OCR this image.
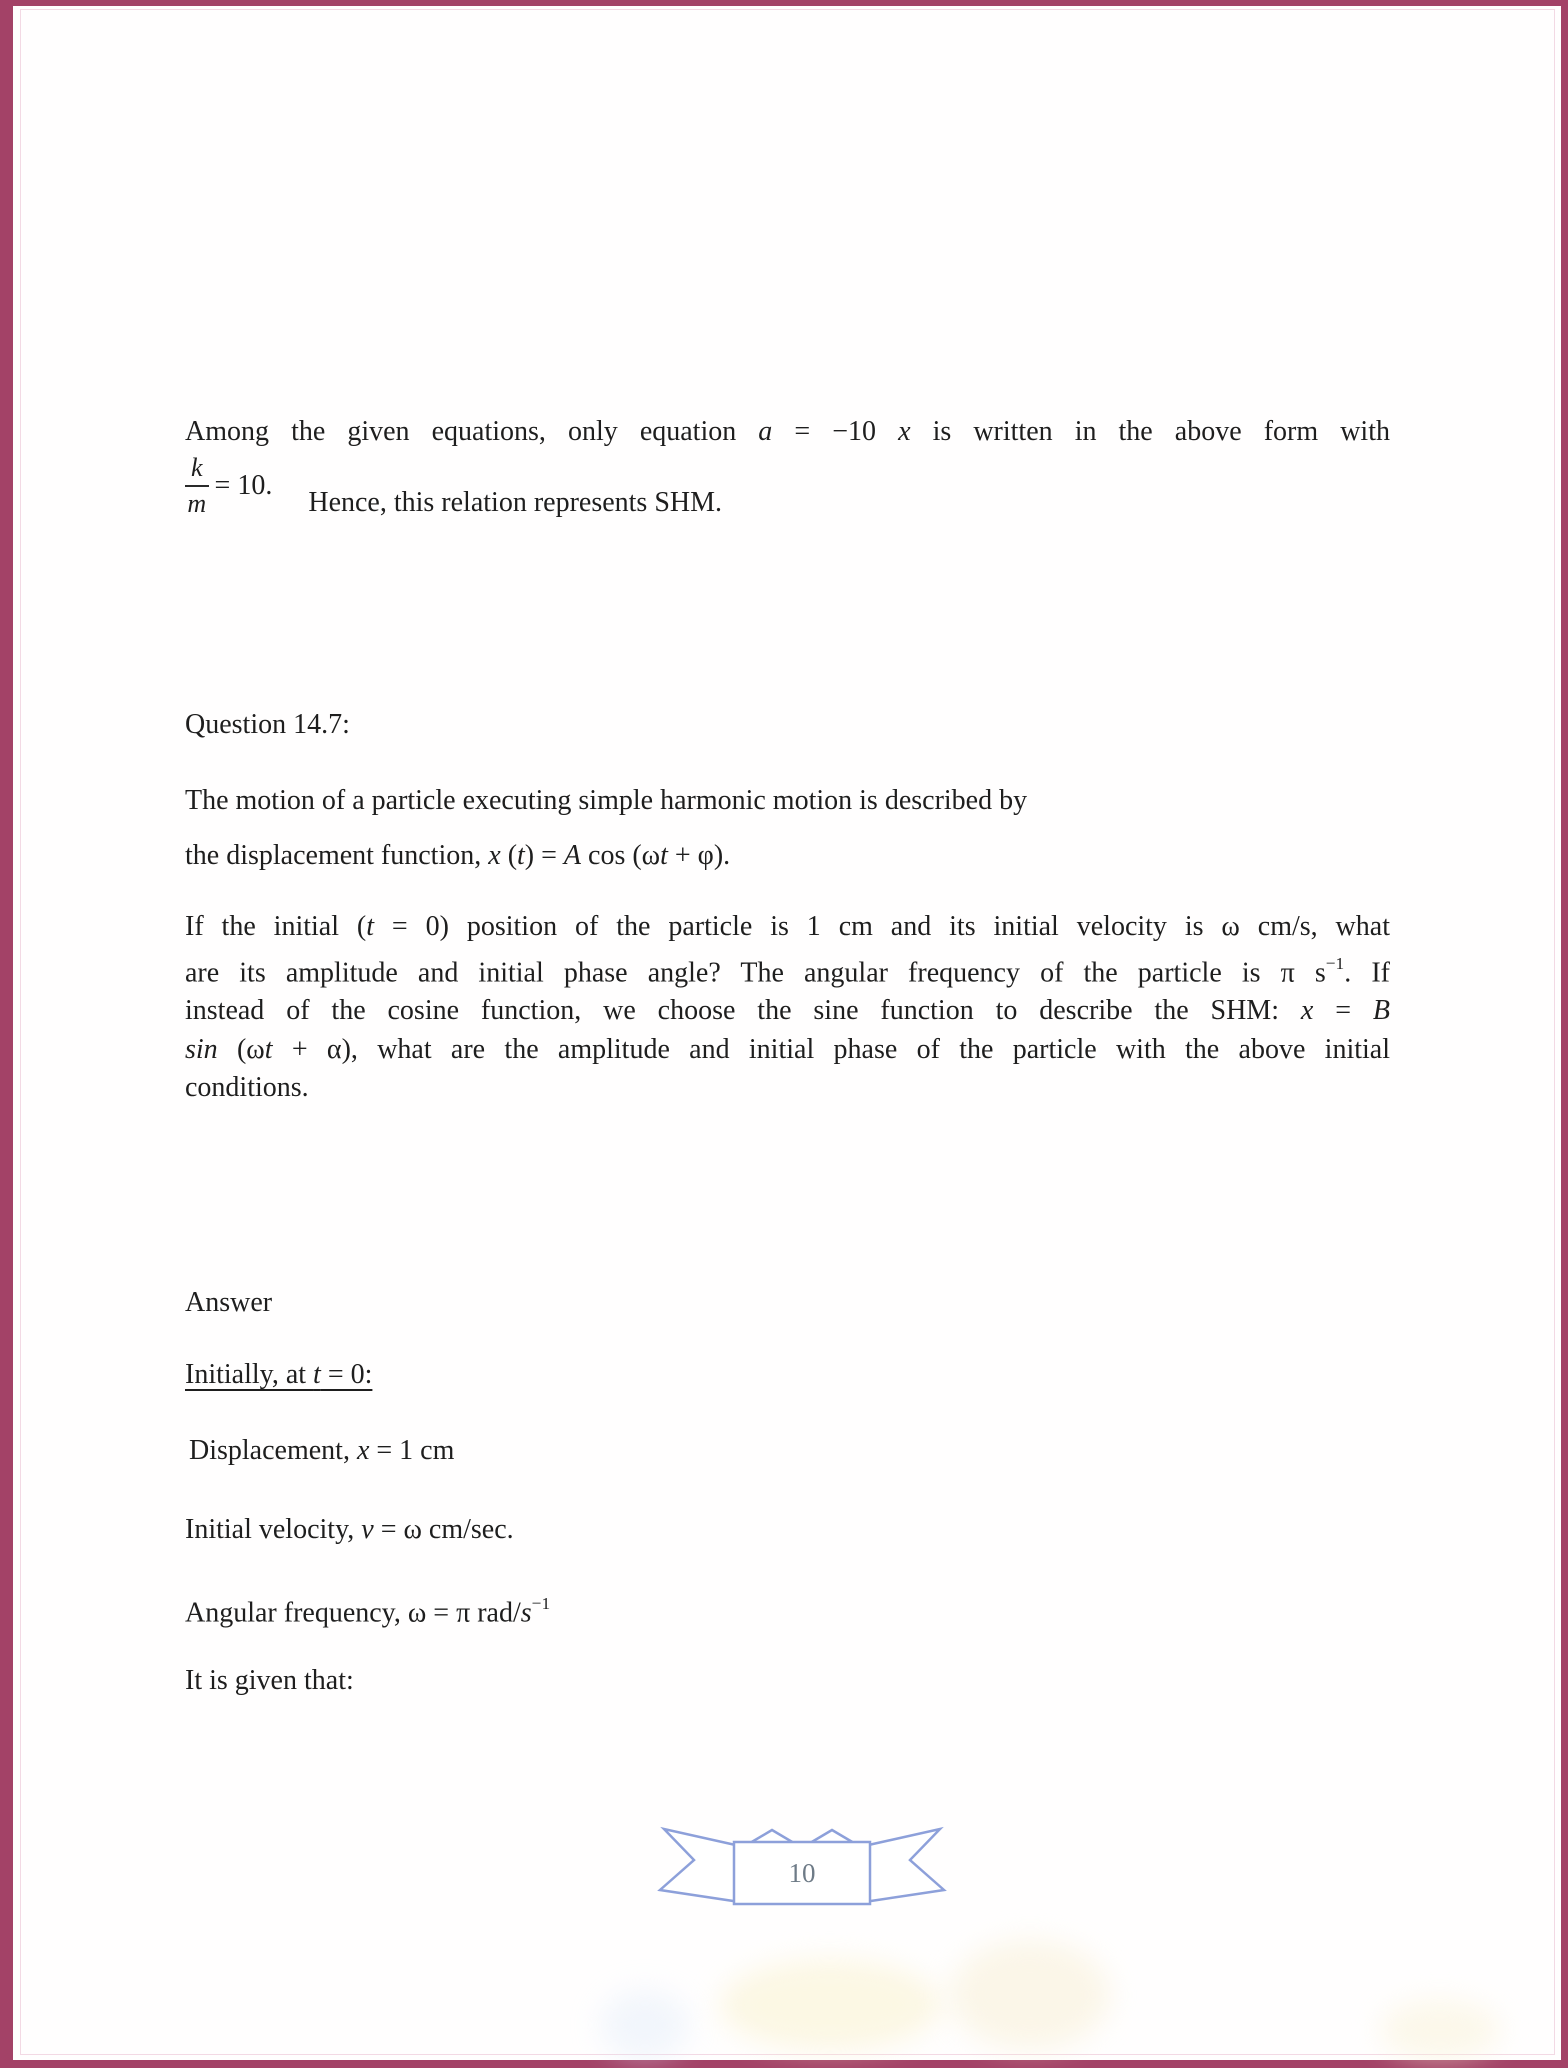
Among the given equations, only equation a = −10 x is written in the above form with
$\frac{k}{m} = 10$.
Hence, this relation represents SHM.
Question 14.7:
The motion of a particle executing simple harmonic motion is described by
the displacement function, x (t) = A cos (ωt + φ).
If the initial (t = 0) position of the particle is 1 cm and its initial velocity is ω cm/s, what
are its amplitude and initial phase angle? The angular frequency of the particle is π $s^{-1}$. If
instead of the cosine function, we choose the sine function to describe the SHM: x = B
sin (ωt + α), what are the amplitude and initial phase of the particle with the above initial
conditions.
Answer
Initially, at t = 0:
Displacement, x = 1 cm
Initial velocity, v = ω cm/sec.
Angular frequency, ω = π rad/$s^{-1}$
It is given that:
10
